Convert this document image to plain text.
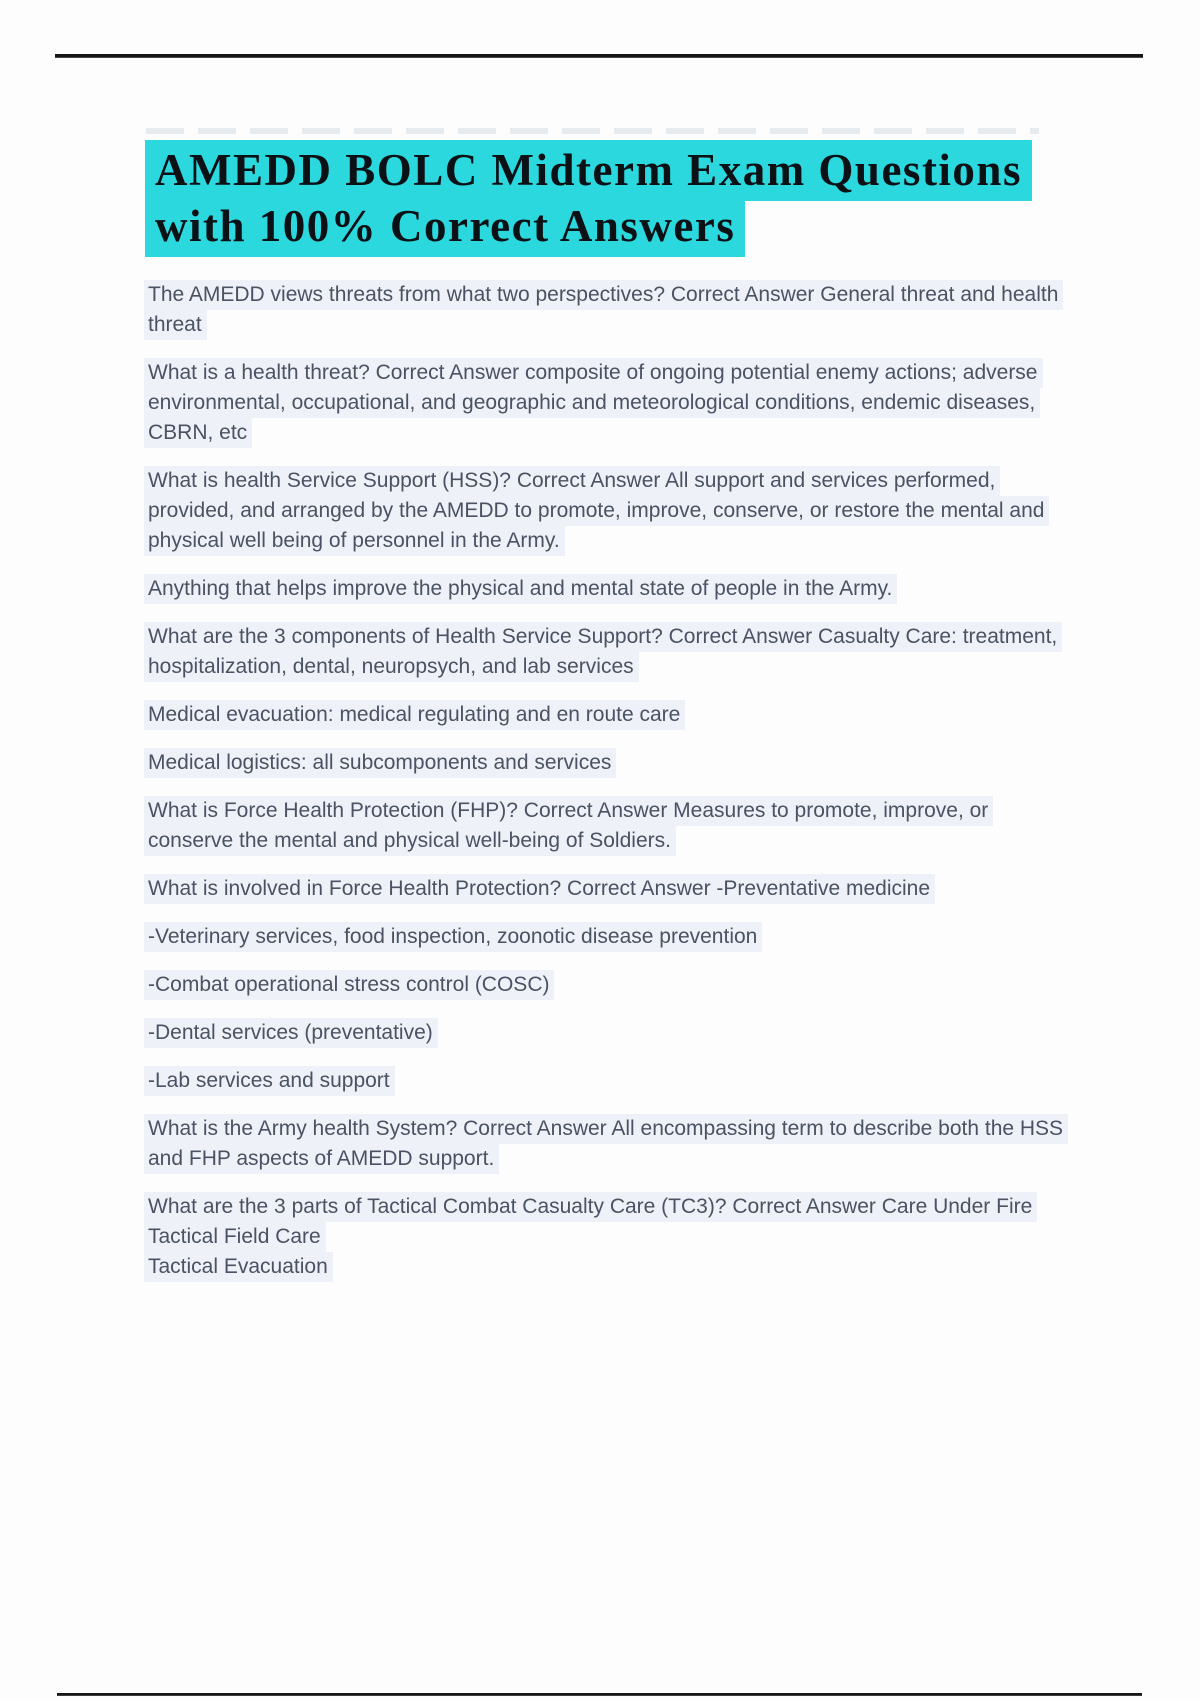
AMEDD BOLC Midterm Exam Questions
with 100% Correct Answers

The AMEDD views threats from what two perspectives? Correct Answer General threat and health threat

What is a health threat? Correct Answer composite of ongoing potential enemy actions; adverse environmental, occupational, and geographic and meteorological conditions, endemic diseases, CBRN, etc

What is health Service Support (HSS)? Correct Answer All support and services performed, provided, and arranged by the AMEDD to promote, improve, conserve, or restore the mental and physical well being of personnel in the Army.

Anything that helps improve the physical and mental state of people in the Army.

What are the 3 components of Health Service Support? Correct Answer Casualty Care: treatment, hospitalization, dental, neuropsych, and lab services

Medical evacuation: medical regulating and en route care

Medical logistics: all subcomponents and services

What is Force Health Protection (FHP)? Correct Answer Measures to promote, improve, or conserve the mental and physical well-being of Soldiers.

What is involved in Force Health Protection? Correct Answer -Preventative medicine

-Veterinary services, food inspection, zoonotic disease prevention

-Combat operational stress control (COSC)

-Dental services (preventative)

-Lab services and support

What is the Army health System? Correct Answer All encompassing term to describe both the HSS and FHP aspects of AMEDD support.

What are the 3 parts of Tactical Combat Casualty Care (TC3)? Correct Answer Care Under Fire
Tactical Field Care
Tactical Evacuation
